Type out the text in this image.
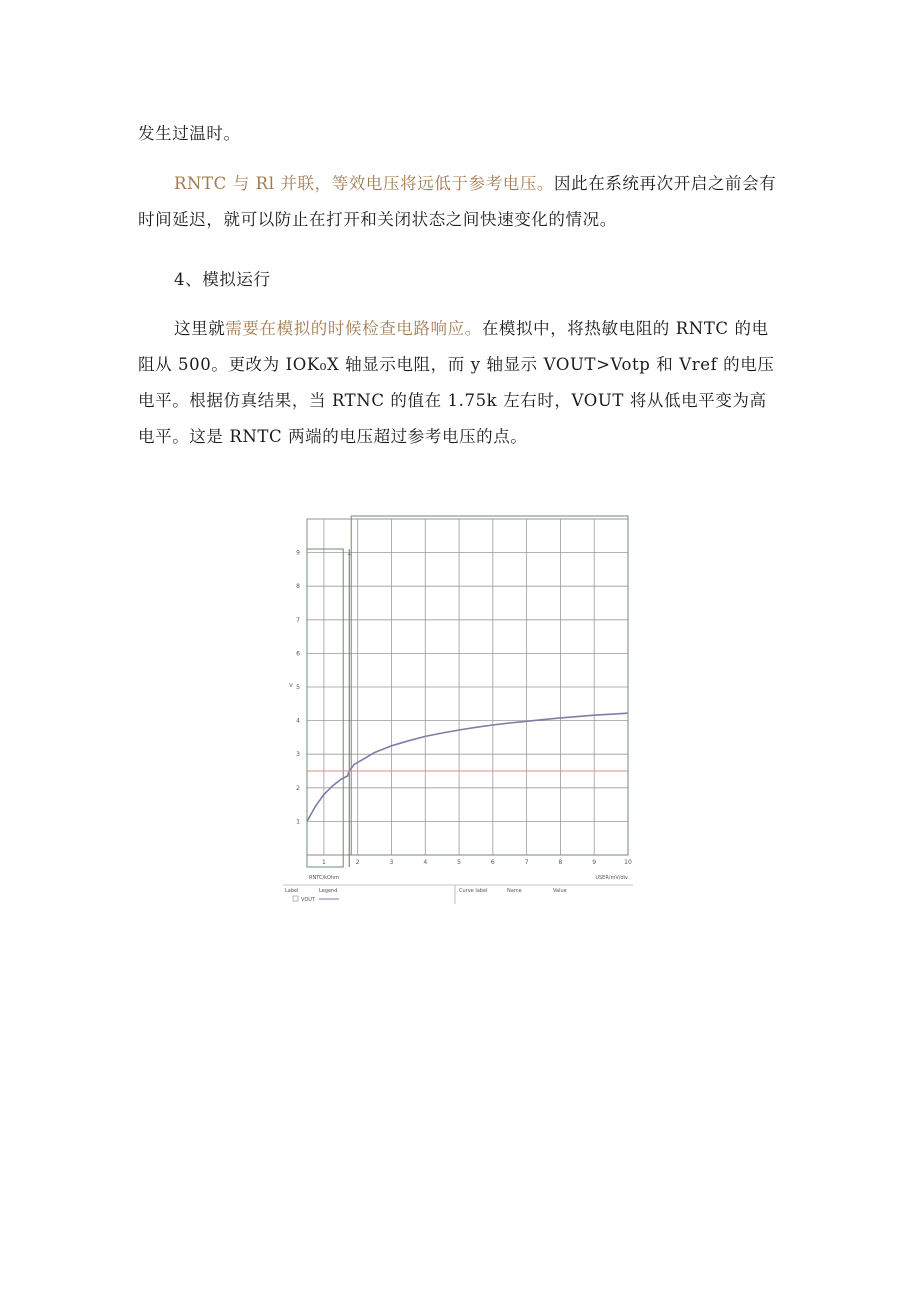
发生过温时。

RNTC 与 Rl 并联，等效电压将远低于参考电压。因此在系统再次开启之前会有时间延迟，就可以防止在打开和关闭状态之间快速变化的情况。

4、模拟运行

这里就需要在模拟的时候检查电路响应。在模拟中，将热敏电阻的 RNTC 的电阻从 500。更改为 IOK₀X 轴显示电阻，而 y 轴显示 VOUT>Votp 和 Vref 的电压电平。根据仿真结果，当 RTNC 的值在 1.75k 左右时，VOUT 将从低电平变为高电平。这是 RNTC 两端的电压超过参考电压的点。

+
1	2	3	4	5	6	7	8	9	10
1
2
3
4
5
6
7
8
9
RNTC/kOhm	USER/mV/div
V
Label	Legend
VOUT
Curve label	Name	Value
